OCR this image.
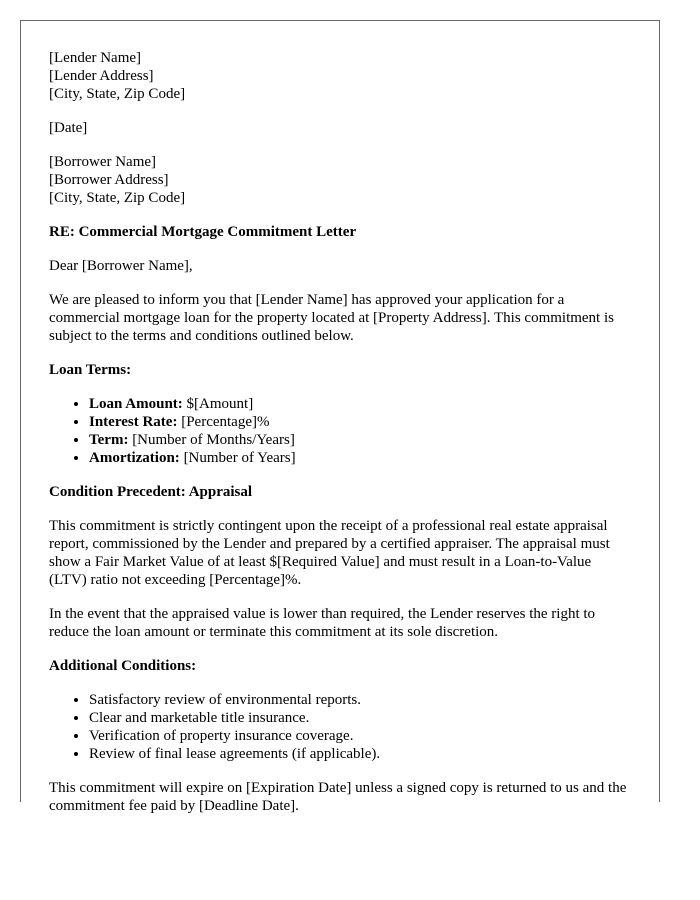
[Lender Name]
[Lender Address]
[City, State, Zip Code]

[Date]

[Borrower Name]
[Borrower Address]
[City, State, Zip Code]

RE: Commercial Mortgage Commitment Letter

Dear [Borrower Name],

We are pleased to inform you that [Lender Name] has approved your application for a commercial mortgage loan for the property located at [Property Address]. This commitment is subject to the terms and conditions outlined below.

Loan Terms:

• Loan Amount: $[Amount]
• Interest Rate: [Percentage]%
• Term: [Number of Months/Years]
• Amortization: [Number of Years]

Condition Precedent: Appraisal

This commitment is strictly contingent upon the receipt of a professional real estate appraisal report, commissioned by the Lender and prepared by a certified appraiser. The appraisal must show a Fair Market Value of at least $[Required Value] and must result in a Loan-to-Value (LTV) ratio not exceeding [Percentage]%.

In the event that the appraised value is lower than required, the Lender reserves the right to reduce the loan amount or terminate this commitment at its sole discretion.

Additional Conditions:

• Satisfactory review of environmental reports.
• Clear and marketable title insurance.
• Verification of property insurance coverage.
• Review of final lease agreements (if applicable).

This commitment will expire on [Expiration Date] unless a signed copy is returned to us and the commitment fee paid by [Deadline Date].
